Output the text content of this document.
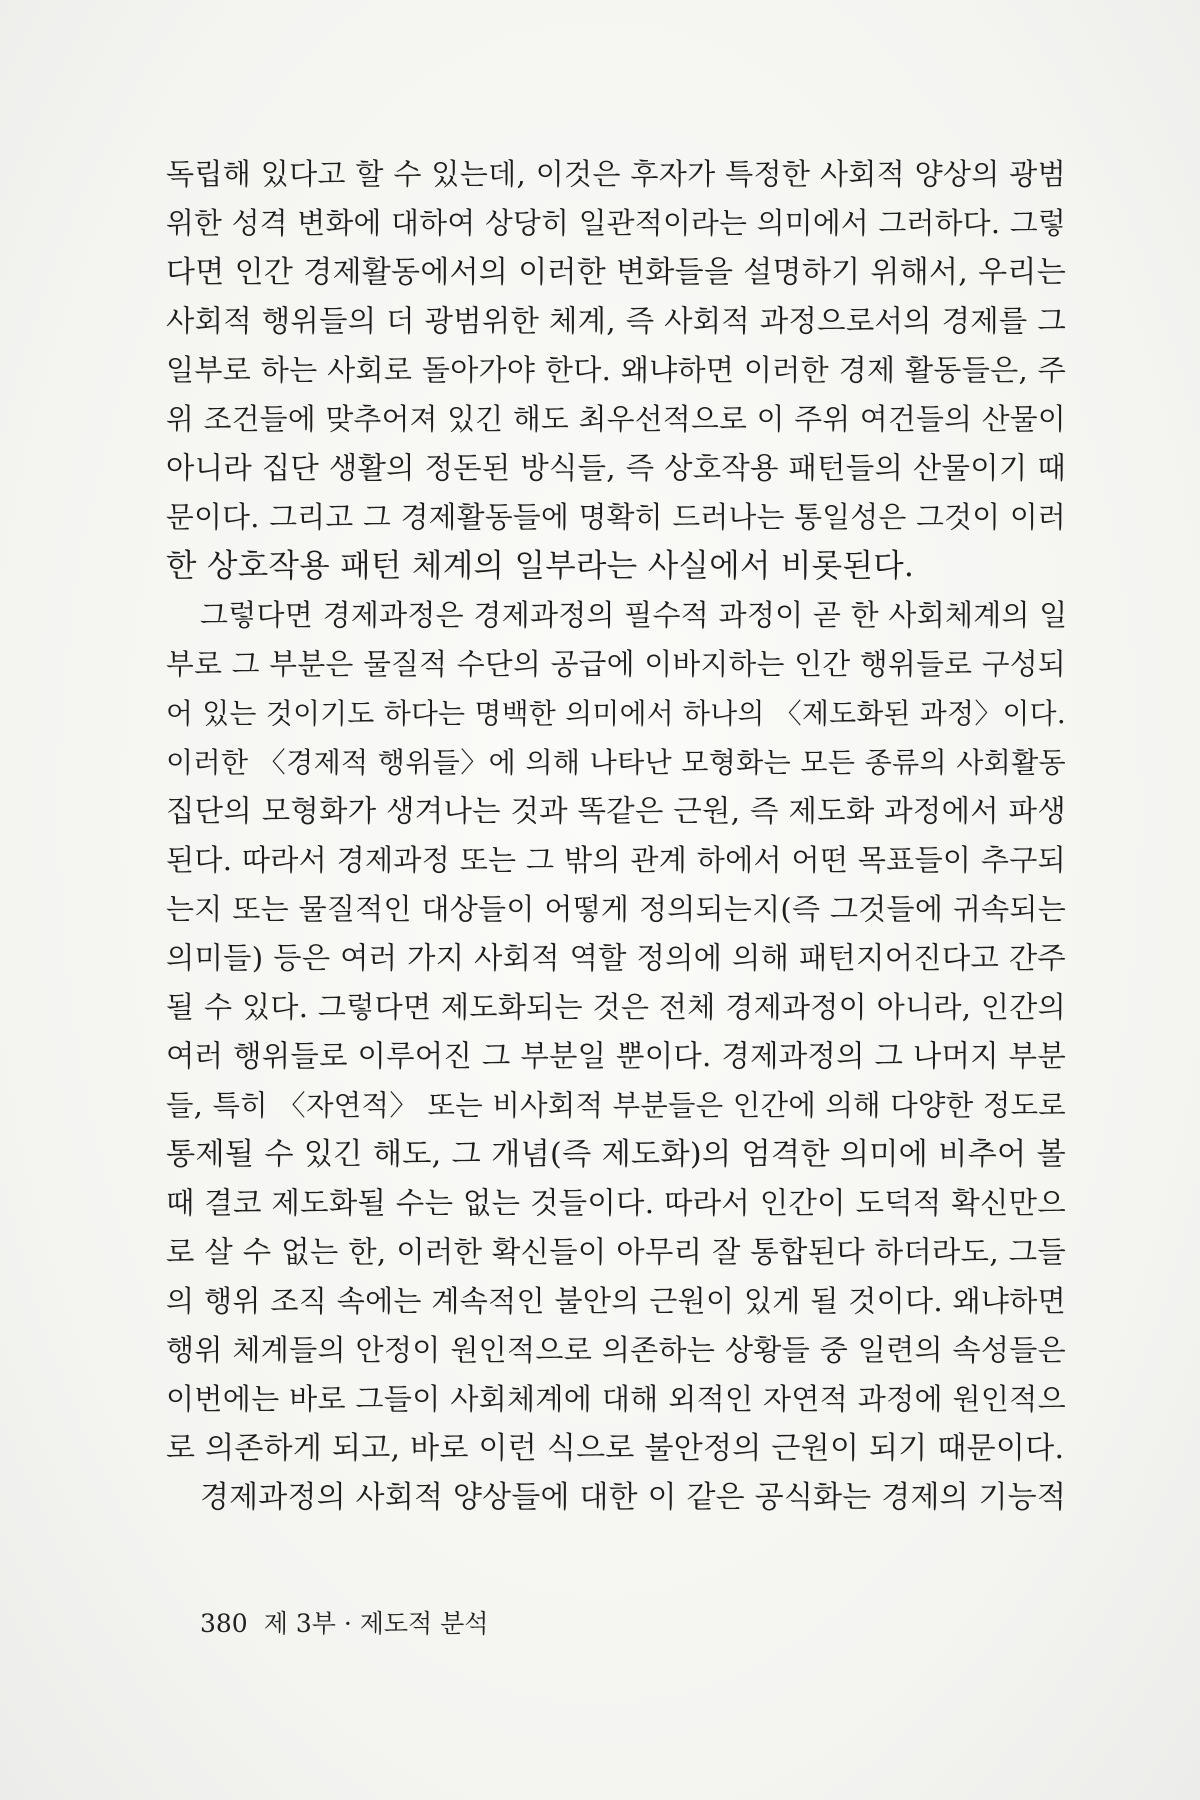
독립해 있다고 할 수 있는데, 이것은 후자가 특정한 사회적 양상의 광범
위한 성격 변화에 대하여 상당히 일관적이라는 의미에서 그러하다. 그렇
다면 인간 경제활동에서의 이러한 변화들을 설명하기 위해서, 우리는
사회적 행위들의 더 광범위한 체계, 즉 사회적 과정으로서의 경제를 그
일부로 하는 사회로 돌아가야 한다. 왜냐하면 이러한 경제 활동들은, 주
위 조건들에 맞추어져 있긴 해도 최우선적으로 이 주위 여건들의 산물이
아니라 집단 생활의 정돈된 방식들, 즉 상호작용 패턴들의 산물이기 때
문이다. 그리고 그 경제활동들에 명확히 드러나는 통일성은 그것이 이러
한 상호작용 패턴 체계의 일부라는 사실에서 비롯된다.
그렇다면 경제과정은 경제과정의 필수적 과정이 곧 한 사회체계의 일
부로 그 부분은 물질적 수단의 공급에 이바지하는 인간 행위들로 구성되
어 있는 것이기도 하다는 명백한 의미에서 하나의 〈제도화된 과정〉이다.
이러한 〈경제적 행위들〉에 의해 나타난 모형화는 모든 종류의 사회활동
집단의 모형화가 생겨나는 것과 똑같은 근원, 즉 제도화 과정에서 파생
된다. 따라서 경제과정 또는 그 밖의 관계 하에서 어떤 목표들이 추구되
는지 또는 물질적인 대상들이 어떻게 정의되는지(즉 그것들에 귀속되는
의미들) 등은 여러 가지 사회적 역할 정의에 의해 패턴지어진다고 간주
될 수 있다. 그렇다면 제도화되는 것은 전체 경제과정이 아니라, 인간의
여러 행위들로 이루어진 그 부분일 뿐이다. 경제과정의 그 나머지 부분
들, 특히 〈자연적〉 또는 비사회적 부분들은 인간에 의해 다양한 정도로
통제될 수 있긴 해도, 그 개념(즉 제도화)의 엄격한 의미에 비추어 볼
때 결코 제도화될 수는 없는 것들이다. 따라서 인간이 도덕적 확신만으
로 살 수 없는 한, 이러한 확신들이 아무리 잘 통합된다 하더라도, 그들
의 행위 조직 속에는 계속적인 불안의 근원이 있게 될 것이다. 왜냐하면
행위 체계들의 안정이 원인적으로 의존하는 상황들 중 일련의 속성들은
이번에는 바로 그들이 사회체계에 대해 외적인 자연적 과정에 원인적으
로 의존하게 되고, 바로 이런 식으로 불안정의 근원이 되기 때문이다.
경제과정의 사회적 양상들에 대한 이 같은 공식화는 경제의 기능적
380 제 3부 · 제도적 분석
